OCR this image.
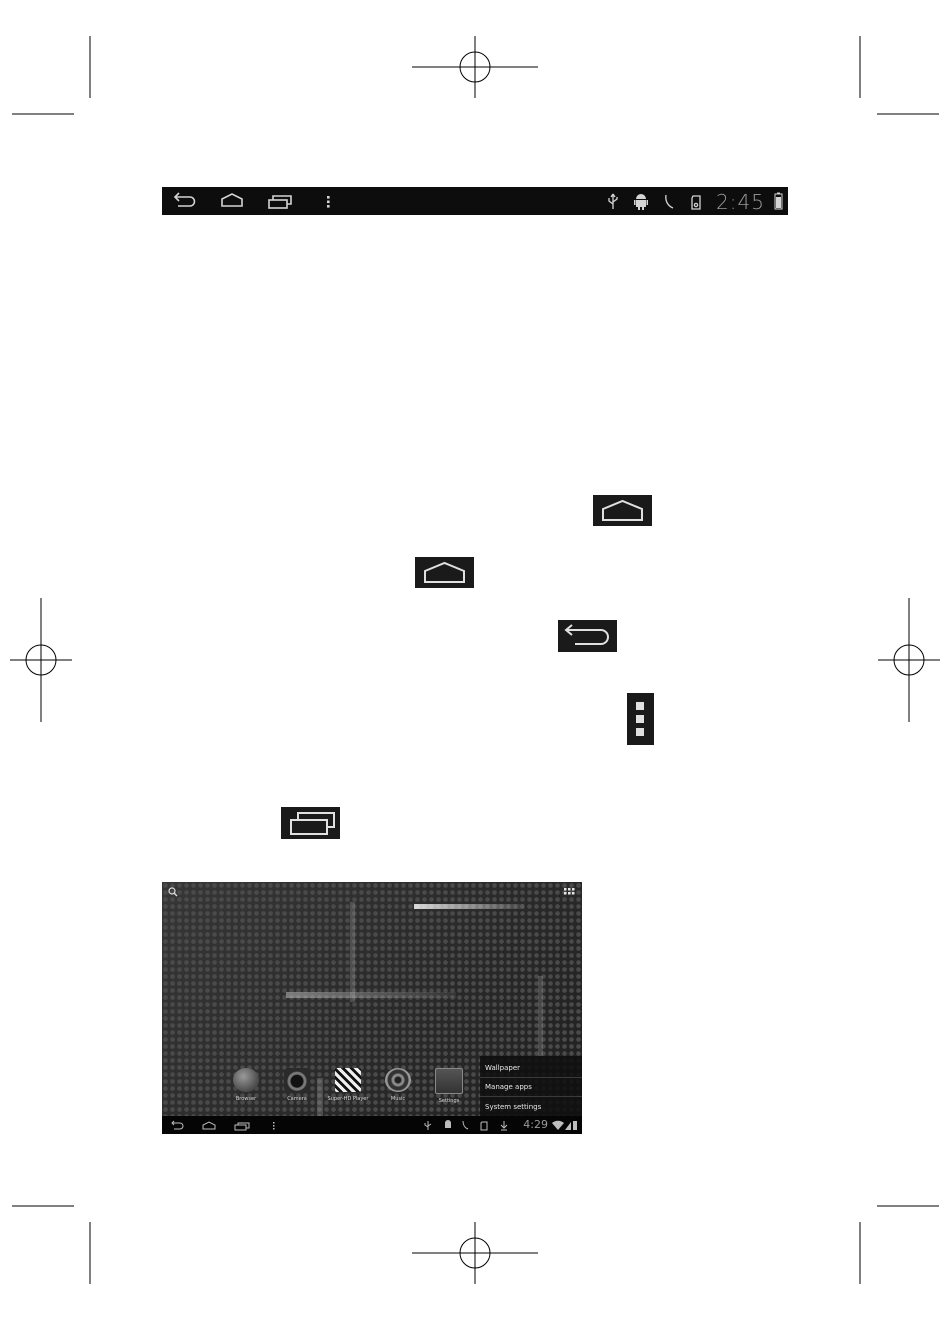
2:45
Browser	Camera	Super-HD Player	Music	Settings
Wallpaper
Manage apps
System settings
4:29
